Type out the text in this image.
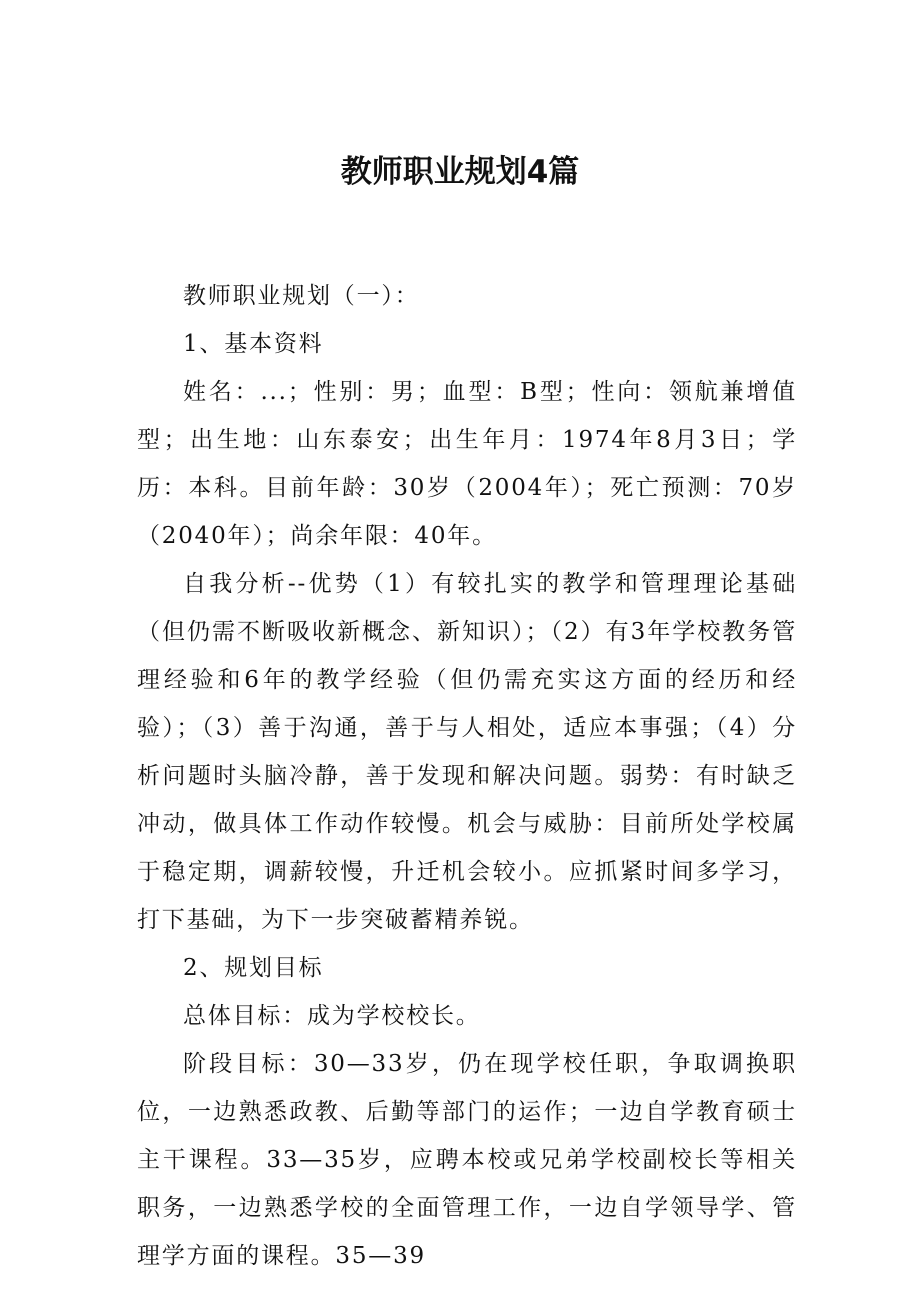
教师职业规划4篇

教师职业规划（一）：

1、基本资料

姓名：...；性别：男；血型：B型；性向：领航兼增值型；出生地：山东泰安；出生年月：1974年8月3日；学历：本科。目前年龄：30岁（2004年）；死亡预测：70岁（2040年）；尚余年限：40年。

自我分析--优势（1）有较扎实的教学和管理理论基础（但仍需不断吸收新概念、新知识）；（2）有3年学校教务管理经验和6年的教学经验（但仍需充实这方面的经历和经验）；（3）善于沟通，善于与人相处，适应本事强；（4）分析问题时头脑冷静，善于发现和解决问题。弱势：有时缺乏冲动，做具体工作动作较慢。机会与威胁：目前所处学校属于稳定期，调薪较慢，升迁机会较小。应抓紧时间多学习，打下基础，为下一步突破蓄精养锐。

2、规划目标

总体目标：成为学校校长。

阶段目标：30—33岁，仍在现学校任职，争取调换职位，一边熟悉政教、后勤等部门的运作；一边自学教育硕士主干课程。33—35岁，应聘本校或兄弟学校副校长等相关职务，一边熟悉学校的全面管理工作，一边自学领导学、管理学方面的课程。35—39
